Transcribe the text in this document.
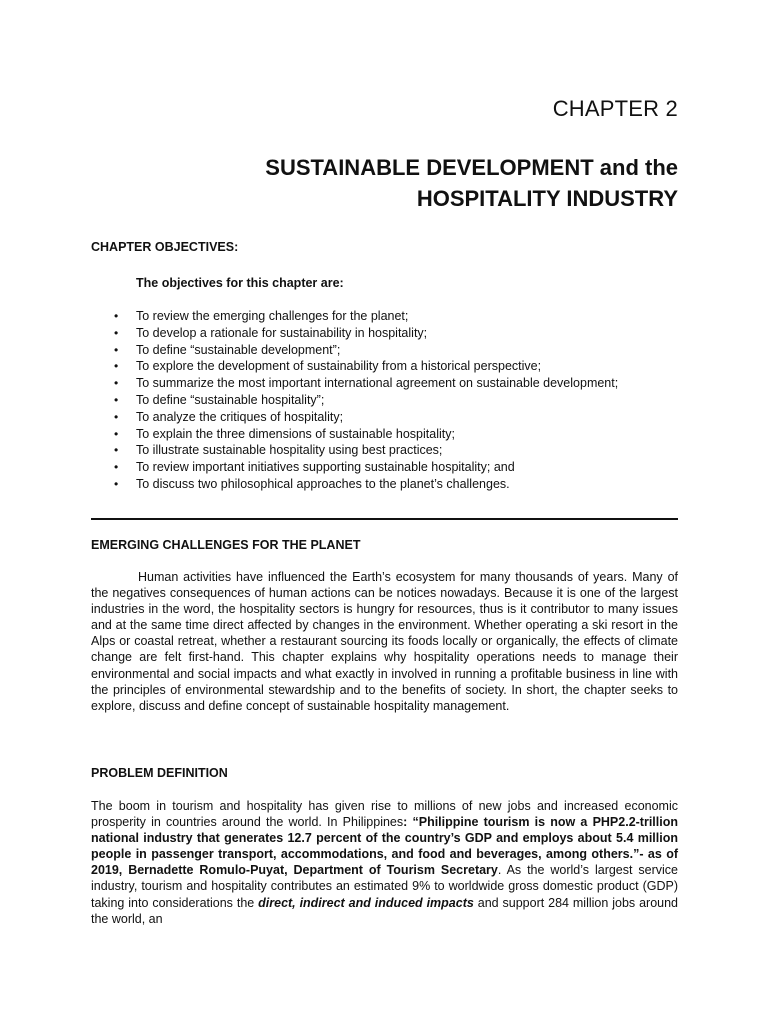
CHAPTER 2
SUSTAINABLE DEVELOPMENT and the
HOSPITALITY INDUSTRY
CHAPTER OBJECTIVES:

The objectives for this chapter are:

• To review the emerging challenges for the planet;
• To develop a rationale for sustainability in hospitality;
• To define “sustainable development”;
• To explore the development of sustainability from a historical perspective;
• To summarize the most important international agreement on sustainable development;
• To define “sustainable hospitality”;
• To analyze the critiques of hospitality;
• To explain the three dimensions of sustainable hospitality;
• To illustrate sustainable hospitality using best practices;
• To review important initiatives supporting sustainable hospitality; and
• To discuss two philosophical approaches to the planet’s challenges.
EMERGING CHALLENGES FOR THE PLANET

Human activities have influenced the Earth’s ecosystem for many thousands of years. Many of the negatives consequences of human actions can be notices nowadays. Because it is one of the largest industries in the word, the hospitality sectors is hungry for resources, thus is it contributor to many issues and at the same time direct affected by changes in the environment. Whether operating a ski resort in the Alps or coastal retreat, whether a restaurant sourcing its foods locally or organically, the effects of climate change are felt first-hand. This chapter explains why hospitality operations needs to manage their environmental and social impacts and what exactly in involved in running a profitable business in line with the principles of environmental stewardship and to the benefits of society. In short, the chapter seeks to explore, discuss and define concept of sustainable hospitality management.

PROBLEM DEFINITION

The boom in tourism and hospitality has given rise to millions of new jobs and increased economic prosperity in countries around the world. In Philippines: “Philippine tourism is now a PHP2.2-trillion national industry that generates 12.7 percent of the country’s GDP and employs about 5.4 million people in passenger transport, accommodations, and food and beverages, among others.”- as of 2019, Bernadette Romulo-Puyat, Department of Tourism Secretary. As the world’s largest service industry, tourism and hospitality contributes an estimated 9% to worldwide gross domestic product (GDP) taking into considerations the direct, indirect and induced impacts and support 284 million jobs around the world, an
